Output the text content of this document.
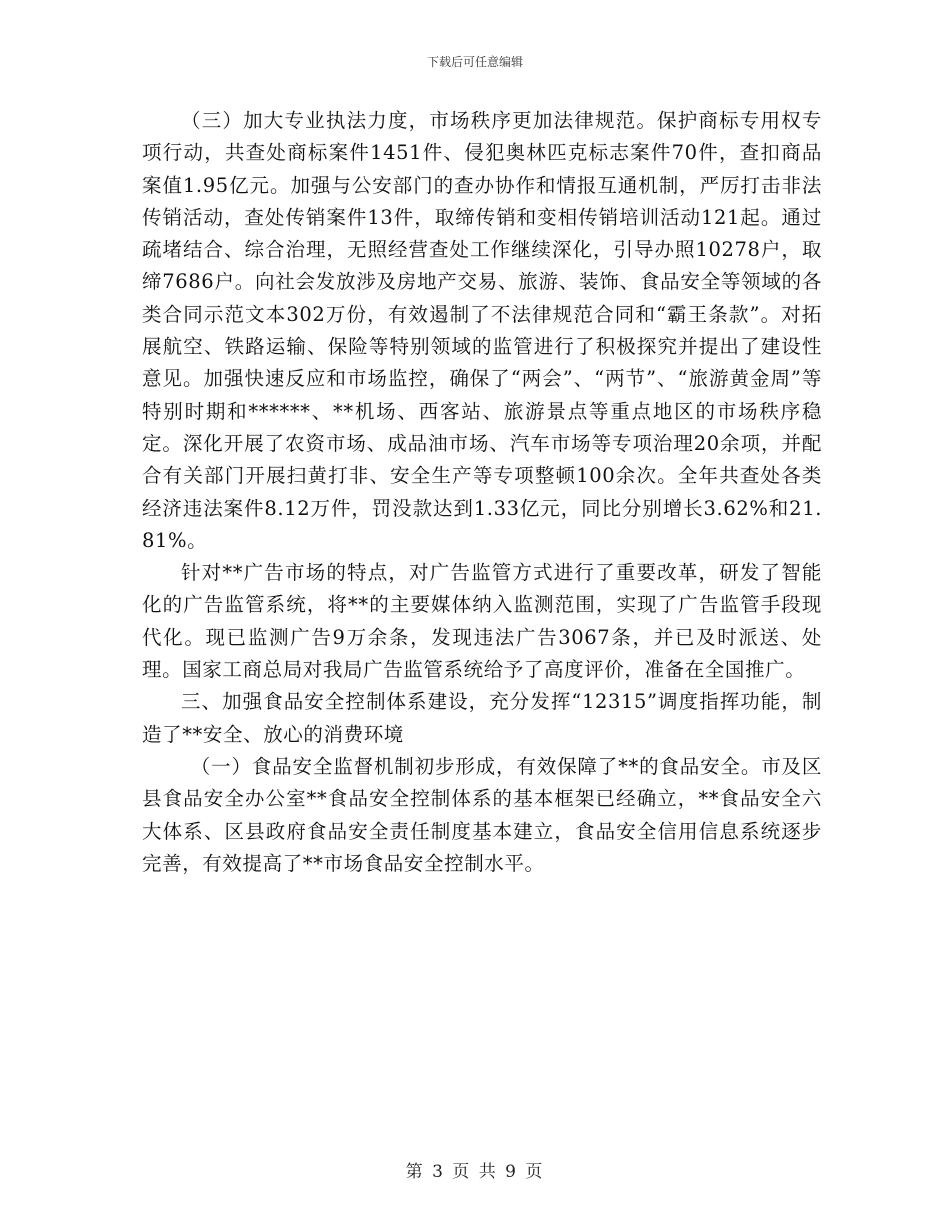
下载后可任意编辑

（三）加大专业执法力度，市场秩序更加法律规范。保护商标专用权专项行动，共查处商标案件1451件、侵犯奥林匹克标志案件70件，查扣商品案值1.95亿元。加强与公安部门的查办协作和情报互通机制，严厉打击非法传销活动，查处传销案件13件，取缔传销和变相传销培训活动121起。通过疏堵结合、综合治理，无照经营查处工作继续深化，引导办照10278户，取缔7686户。向社会发放涉及房地产交易、旅游、装饰、食品安全等领域的各类合同示范文本302万份，有效遏制了不法律规范合同和“霸王条款”。对拓展航空、铁路运输、保险等特别领域的监管进行了积极探究并提出了建设性意见。加强快速反应和市场监控，确保了“两会”、“两节”、“旅游黄金周”等特别时期和******、**机场、西客站、旅游景点等重点地区的市场秩序稳定。深化开展了农资市场、成品油市场、汽车市场等专项治理20余项，并配合有关部门开展扫黄打非、安全生产等专项整顿100余次。全年共查处各类经济违法案件8.12万件，罚没款达到1.33亿元，同比分别增长3.62%和21.81%。

针对**广告市场的特点，对广告监管方式进行了重要改革，研发了智能化的广告监管系统，将**的主要媒体纳入监测范围，实现了广告监管手段现代化。现已监测广告9万余条，发现违法广告3067条，并已及时派送、处理。国家工商总局对我局广告监管系统给予了高度评价，准备在全国推广。

三、加强食品安全控制体系建设，充分发挥“12315”调度指挥功能，制造了**安全、放心的消费环境

（一）食品安全监督机制初步形成，有效保障了**的食品安全。市及区县食品安全办公室**食品安全控制体系的基本框架已经确立，**食品安全六大体系、区县政府食品安全责任制度基本建立，食品安全信用信息系统逐步完善，有效提高了**市场食品安全控制水平。

第 3 页 共 9 页
